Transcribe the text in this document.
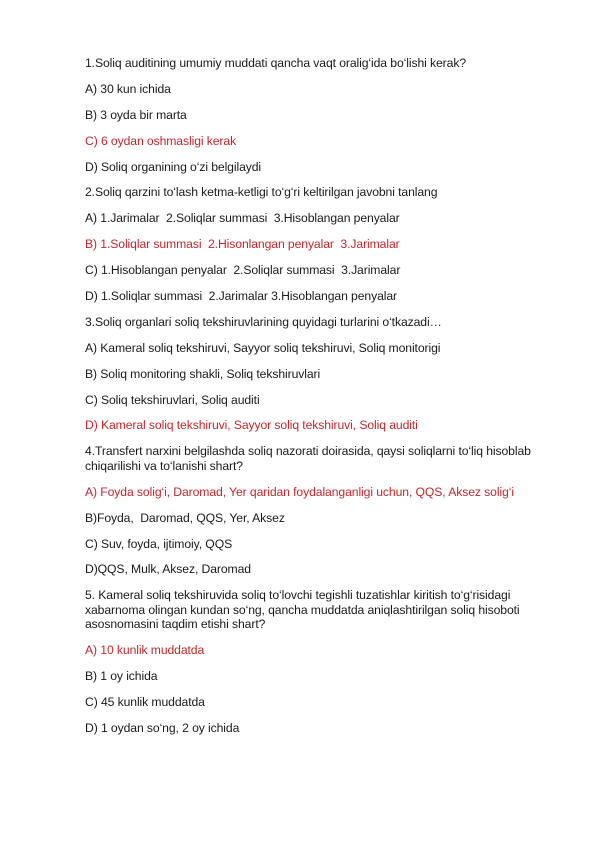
1.Soliq auditining umumiy muddati qancha vaqt oralig‘ida bo‘lishi kerak?

A) 30 kun ichida

B) 3 oyda bir marta

C) 6 oydan oshmasligi kerak

D) Soliq organining o‘zi belgilaydi

2.Soliq qarzini to‘lash ketma-ketligi to‘g‘ri keltirilgan javobni tanlang

A) 1.Jarimalar  2.Soliqlar summasi  3.Hisoblangan penyalar

B) 1.Soliqlar summasi  2.Hisonlangan penyalar  3.Jarimalar

C) 1.Hisoblangan penyalar  2.Soliqlar summasi  3.Jarimalar

D) 1.Soliqlar summasi  2.Jarimalar 3.Hisoblangan penyalar

3.Soliq organlari soliq tekshiruvlarining quyidagi turlarini o‘tkazadi…

A) Kameral soliq tekshiruvi, Sayyor soliq tekshiruvi, Soliq monitorigi

B) Soliq monitoring shakli, Soliq tekshiruvlari

C) Soliq tekshiruvlari, Soliq auditi

D) Kameral soliq tekshiruvi, Sayyor soliq tekshiruvi, Soliq auditi

4.Transfert narxini belgilashda soliq nazorati doirasida, qaysi soliqlarni to‘liq hisoblab chiqarilishi va to‘lanishi shart?

A) Foyda solig‘i, Daromad, Yer qaridan foydalanganligi uchun, QQS, Aksez solig‘i

B)Foyda,  Daromad, QQS, Yer, Aksez

C) Suv, foyda, ijtimoiy, QQS

D)QQS, Mulk, Aksez, Daromad

5. Kameral soliq tekshiruvida soliq to‘lovchi tegishli tuzatishlar kiritish to‘g‘risidagi xabarnoma olingan kundan so‘ng, qancha muddatda aniqlashtirilgan soliq hisoboti asosnomasini taqdim etishi shart?

A) 10 kunlik muddatda

B) 1 oy ichida

C) 45 kunlik muddatda

D) 1 oydan so‘ng, 2 oy ichida
